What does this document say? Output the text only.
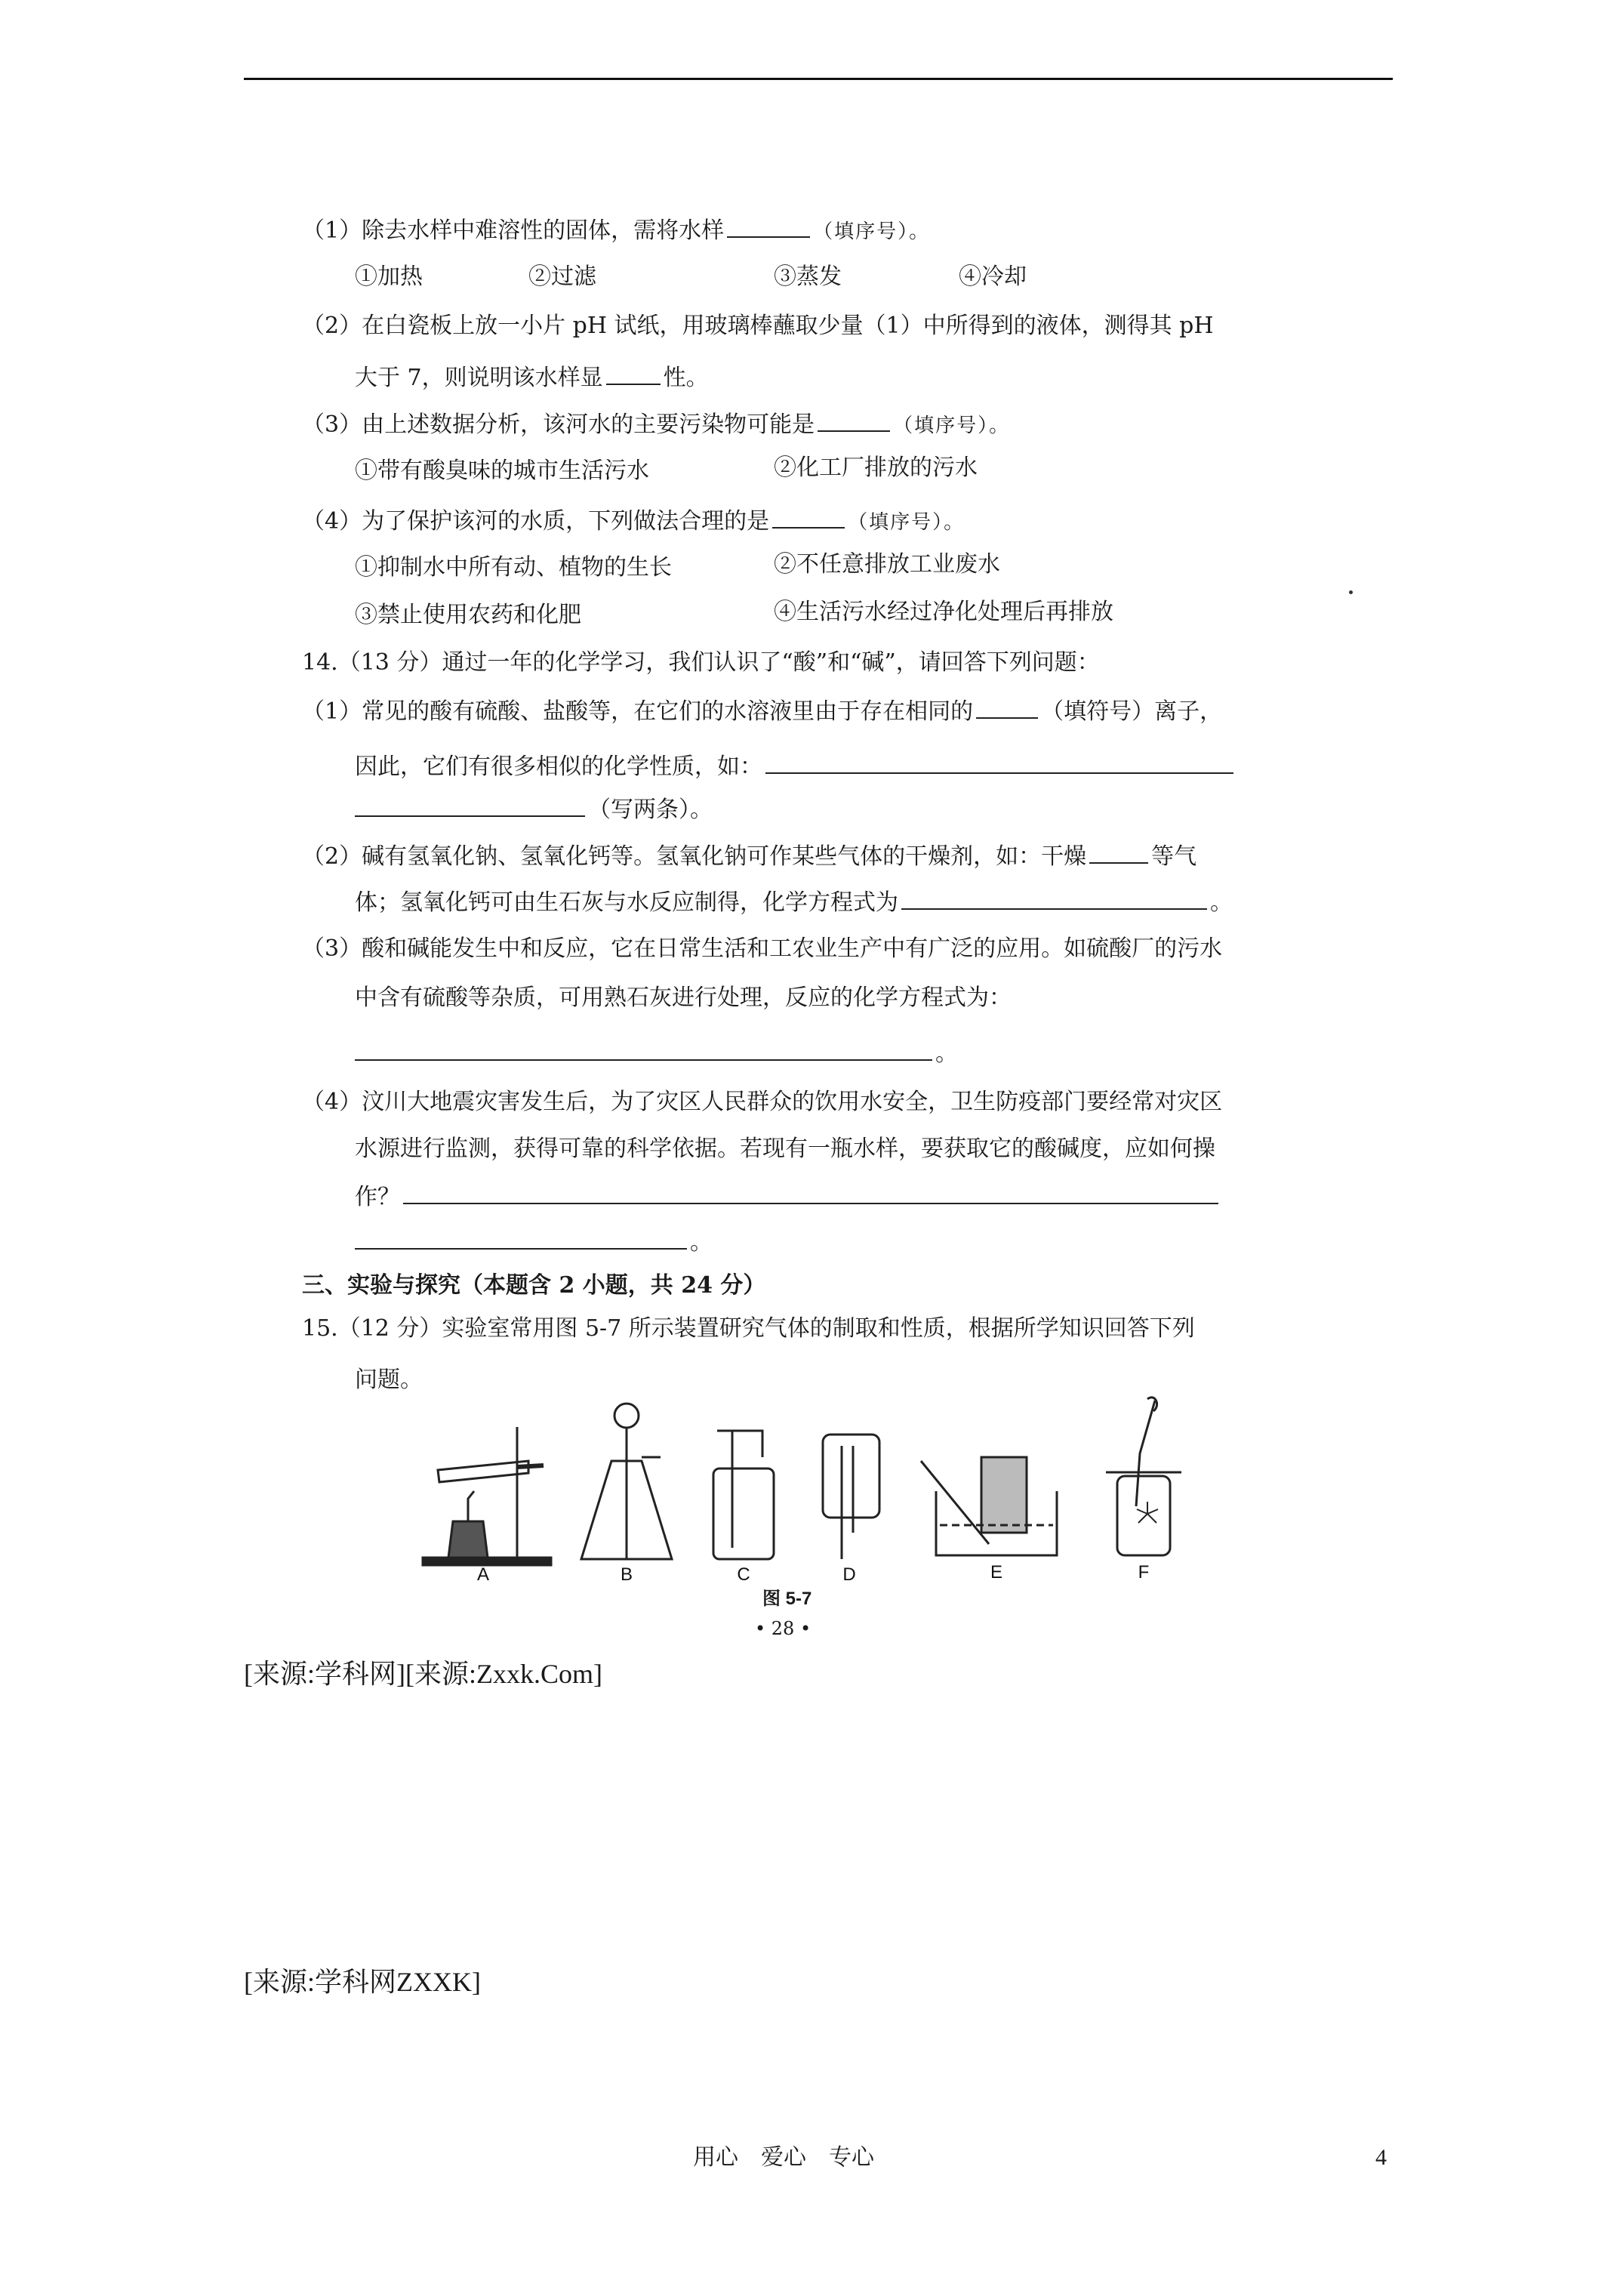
（1）除去水样中难溶性的固体，需将水样	（填序号）。
①加热	②过滤	③蒸发	④冷却
（2）在白瓷板上放一小片 pH 试纸，用玻璃棒蘸取少量（1）中所得到的液体，测得其 pH
大于 7，则说明该水样显	性。
（3）由上述数据分析，该河水的主要污染物可能是	（填序号）。
①带有酸臭味的城市生活污水	②化工厂排放的污水
（4）为了保护该河的水质，下列做法合理的是	（填序号）。
①抑制水中所有动、植物的生长	②不任意排放工业废水
③禁止使用农药和化肥	④生活污水经过净化处理后再排放
14.（13 分）通过一年的化学学习，我们认识了“酸”和“碱”，请回答下列问题：
（1）常见的酸有硫酸、盐酸等，在它们的水溶液里由于存在相同的	（填符号）离子，
因此，它们有很多相似的化学性质，如：
（写两条）。
（2）碱有氢氧化钠、氢氧化钙等。氢氧化钠可作某些气体的干燥剂，如：干燥	等气
体；氢氧化钙可由生石灰与水反应制得，化学方程式为	。
（3）酸和碱能发生中和反应，它在日常生活和工农业生产中有广泛的应用。如硫酸厂的污水
中含有硫酸等杂质，可用熟石灰进行处理，反应的化学方程式为：
。
（4）汶川大地震灾害发生后，为了灾区人民群众的饮用水安全，卫生防疫部门要经常对灾区
水源进行监测，获得可靠的科学依据。若现有一瓶水样，要获取它的酸碱度，应如何操
作？
。
三、实验与探究（本题含 2 小题，共 24 分）
15.（12 分）实验室常用图 5-7 所示装置研究气体的制取和性质，根据所学知识回答下列
问题。
A	B	C	D	E	F
图 5-7
• 28 •
[来源:学科网][来源:Zxxk.Com]
[来源:学科网ZXXK]
用心　爱心　专心	4
